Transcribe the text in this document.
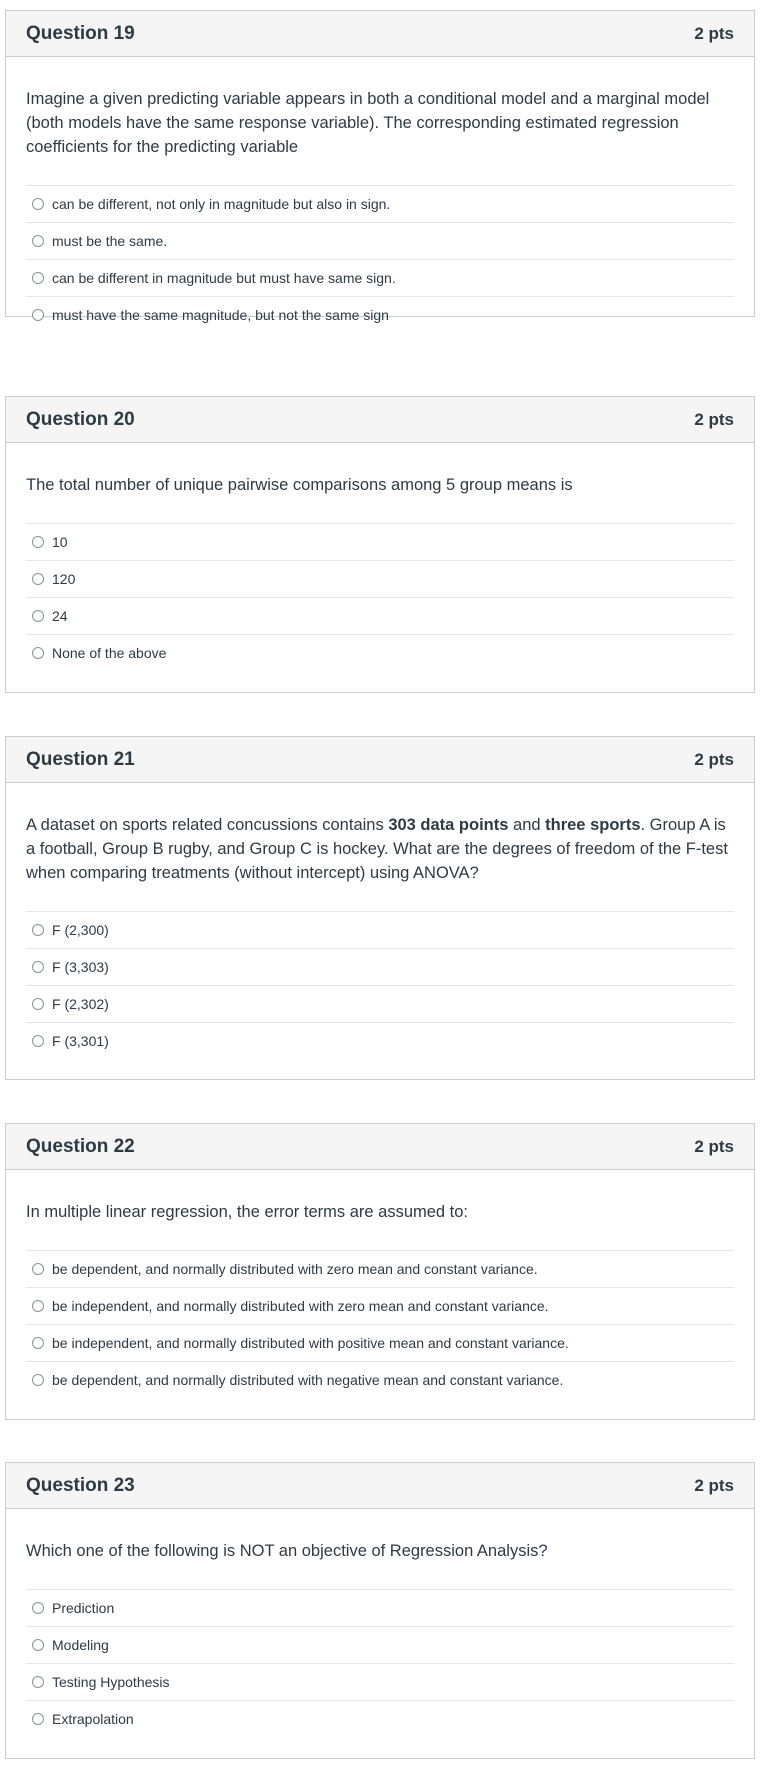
Question 19	2 pts

Imagine a given predicting variable appears in both a conditional model and a marginal model (both models have the same response variable). The corresponding estimated regression coefficients for the predicting variable

can be different, not only in magnitude but also in sign.
must be the same.
can be different in magnitude but must have same sign.
must have the same magnitude, but not the same sign
Question 20	2 pts

The total number of unique pairwise comparisons among 5 group means is

10
120
24
None of the above
Question 21	2 pts

A dataset on sports related concussions contains 303 data points and three sports. Group A is a football, Group B rugby, and Group C is hockey. What are the degrees of freedom of the F-test when comparing treatments (without intercept) using ANOVA?

F (2,300)
F (3,303)
F (2,302)
F (3,301)
Question 22	2 pts

In multiple linear regression, the error terms are assumed to:

be dependent, and normally distributed with zero mean and constant variance.
be independent, and normally distributed with zero mean and constant variance.
be independent, and normally distributed with positive mean and constant variance.
be dependent, and normally distributed with negative mean and constant variance.
Question 23	2 pts

Which one of the following is NOT an objective of Regression Analysis?

Prediction
Modeling
Testing Hypothesis
Extrapolation
